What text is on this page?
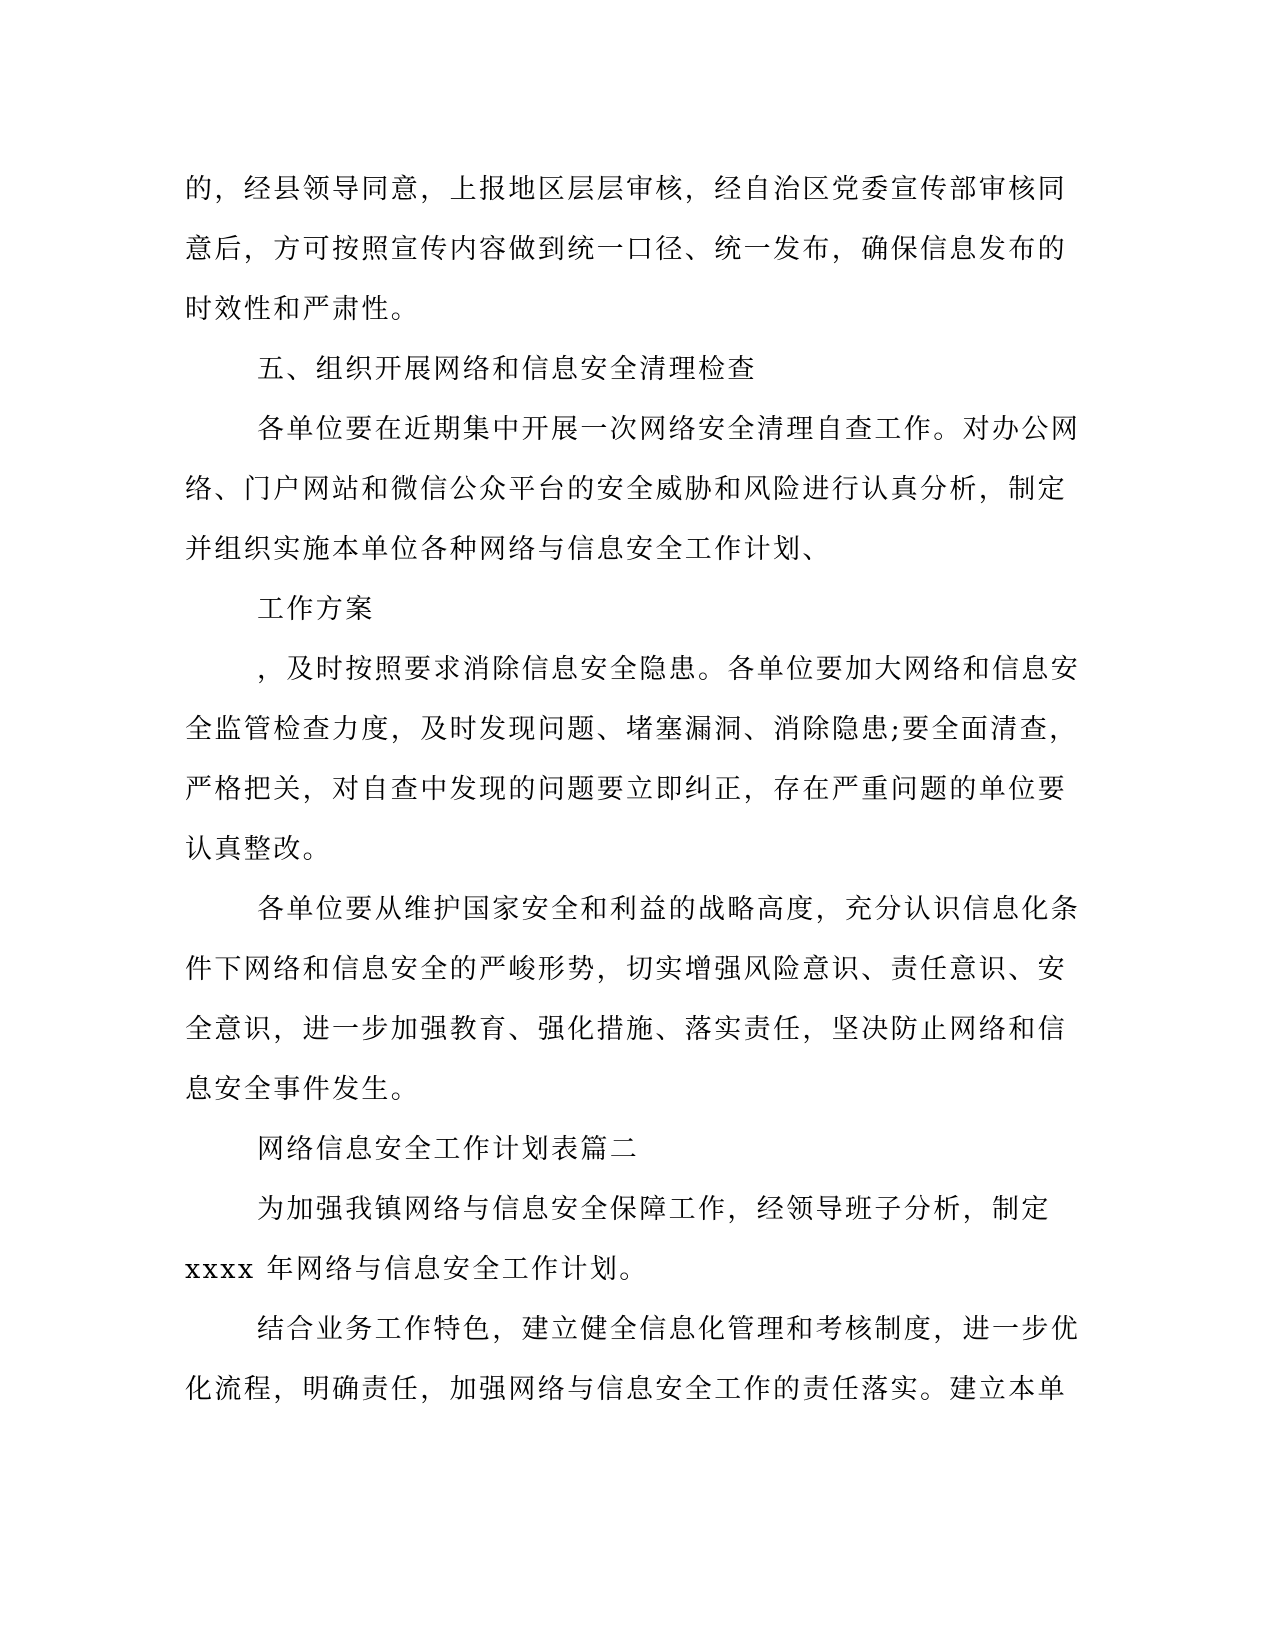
的，经县领导同意，上报地区层层审核，经自治区党委宣传部审核同
意后，方可按照宣传内容做到统一口径、统一发布，确保信息发布的
时效性和严肃性。
五、组织开展网络和信息安全清理检查
各单位要在近期集中开展一次网络安全清理自查工作。对办公网
络、门户网站和微信公众平台的安全威胁和风险进行认真分析，制定
并组织实施本单位各种网络与信息安全工作计划、
工作方案
，及时按照要求消除信息安全隐患。各单位要加大网络和信息安
全监管检查力度，及时发现问题、堵塞漏洞、消除隐患;要全面清查，
严格把关，对自查中发现的问题要立即纠正，存在严重问题的单位要
认真整改。
各单位要从维护国家安全和利益的战略高度，充分认识信息化条
件下网络和信息安全的严峻形势，切实增强风险意识、责任意识、安
全意识，进一步加强教育、强化措施、落实责任，坚决防止网络和信
息安全事件发生。
网络信息安全工作计划表篇二
为加强我镇网络与信息安全保障工作，经领导班子分析，制定
xxxx 年网络与信息安全工作计划。
结合业务工作特色，建立健全信息化管理和考核制度，进一步优
化流程，明确责任，加强网络与信息安全工作的责任落实。建立本单
